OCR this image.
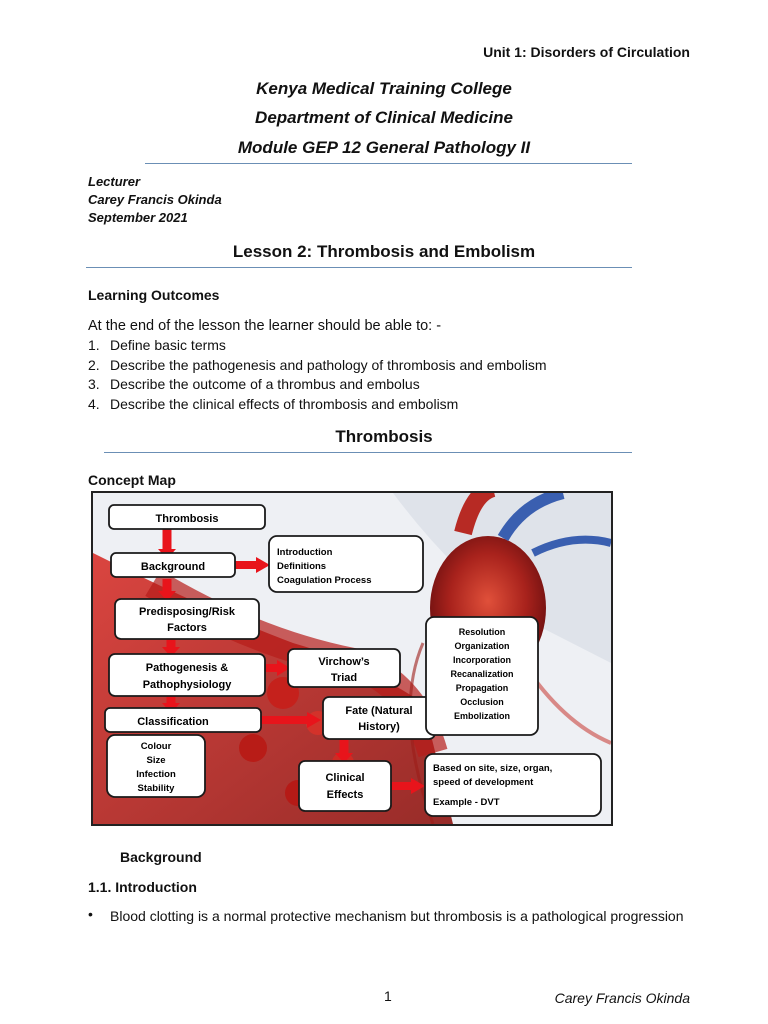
Unit 1: Disorders of Circulation
Kenya Medical Training College
Department of Clinical Medicine
Module GEP 12 General Pathology II
Lecturer
Carey Francis Okinda
September 2021
Lesson 2: Thrombosis and Embolism
Learning Outcomes
At the end of the lesson the learner should be able to: -
1. Define basic terms
2. Describe the pathogenesis and pathology of thrombosis and embolism
3. Describe the outcome of a thrombus and embolus
4. Describe the clinical effects of thrombosis and embolism
Thrombosis
Concept Map
Thrombosis
Background
Introduction
Definitions
Coagulation Process
Predisposing/Risk
Factors
Pathogenesis &
Pathophysiology
Virchow’s
Triad
Classification
Fate (Natural
History)
Colour
Size
Infection
Stability
Resolution
Organization
Incorporation
Recanalization
Propagation
Occlusion
Embolization
Clinical
Effects
Based on site, size, organ,
speed of development
Example - DVT
Background
1.1. Introduction
• Blood clotting is a normal protective mechanism but thrombosis is a pathological progression
1	Carey Francis Okinda
